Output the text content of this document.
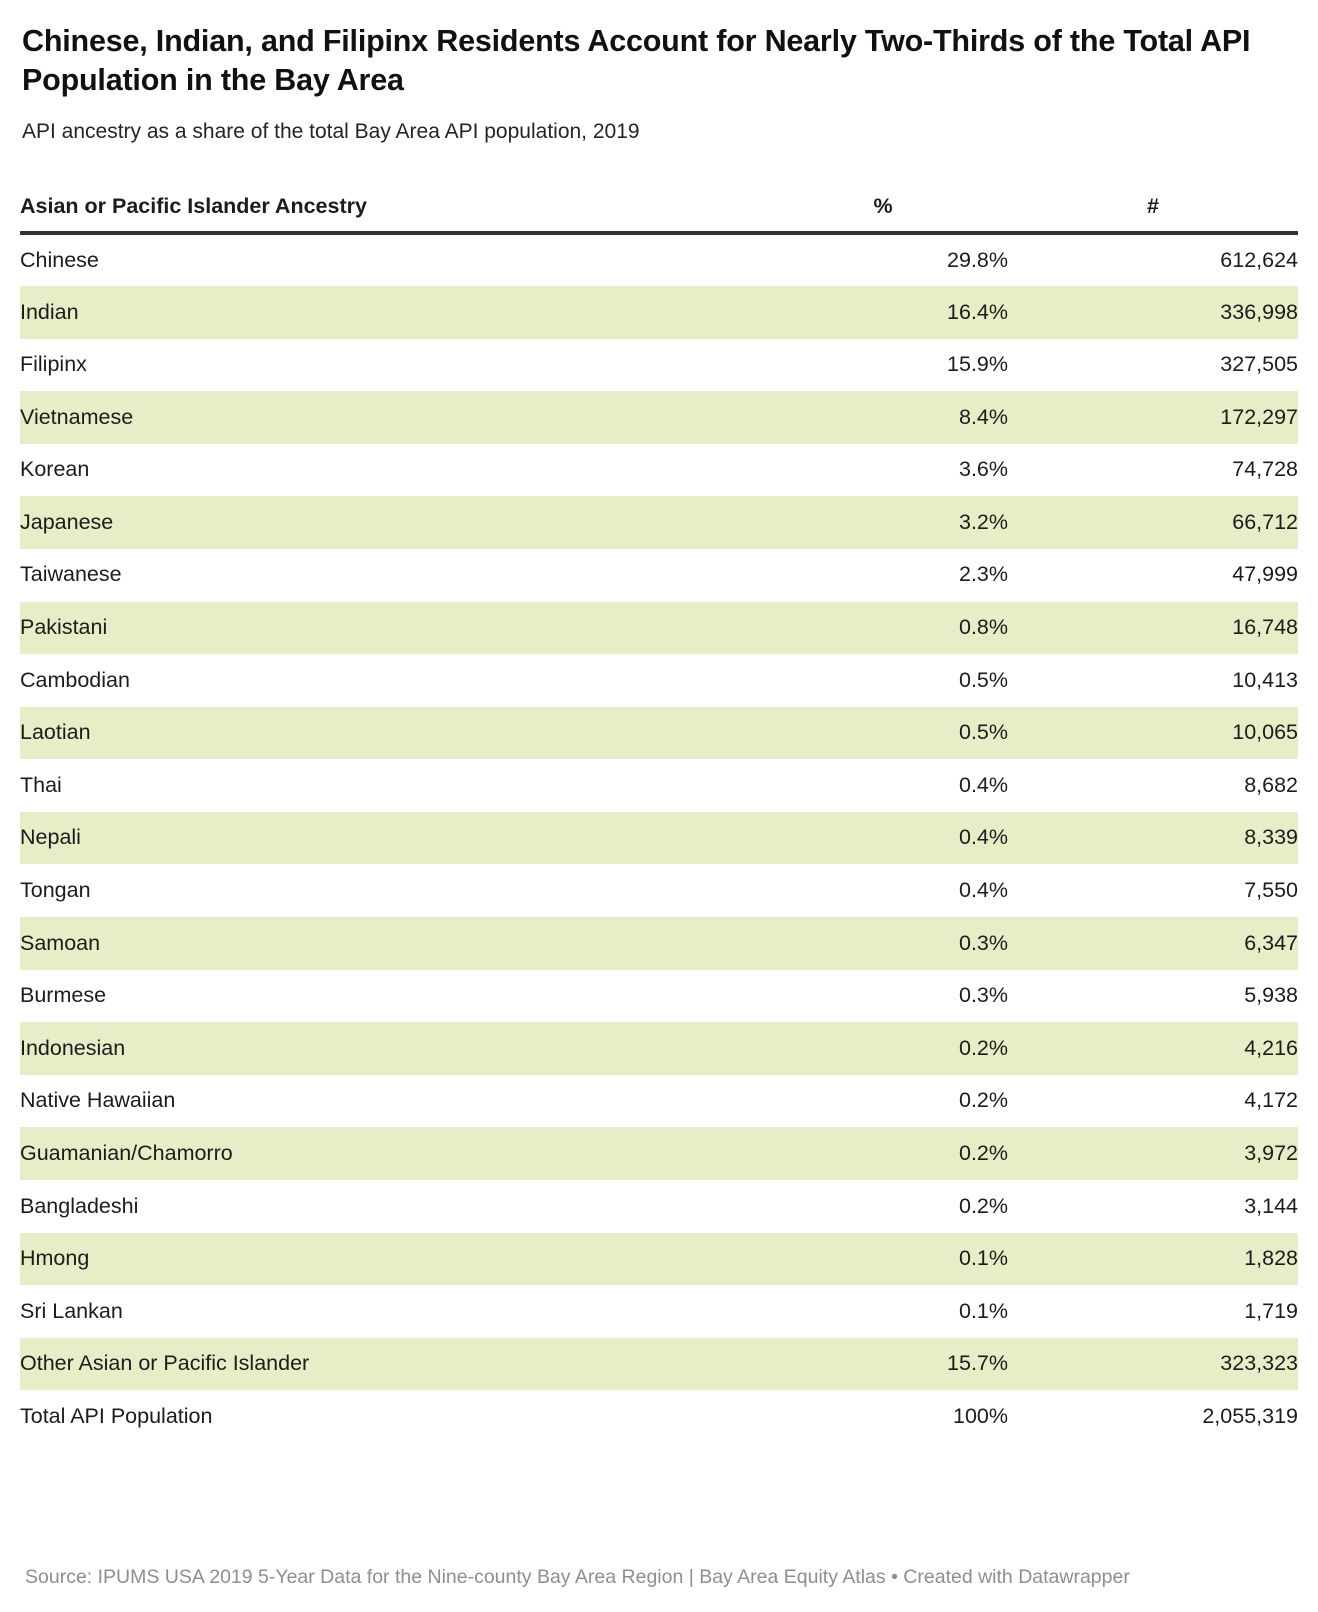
Chinese, Indian, and Filipinx Residents Account for Nearly Two-Thirds of the Total API Population in the Bay Area

API ancestry as a share of the total Bay Area API population, 2019

Asian or Pacific Islander Ancestry	%	#
Chinese	29.8%	612,624
Indian	16.4%	336,998
Filipinx	15.9%	327,505
Vietnamese	8.4%	172,297
Korean	3.6%	74,728
Japanese	3.2%	66,712
Taiwanese	2.3%	47,999
Pakistani	0.8%	16,748
Cambodian	0.5%	10,413
Laotian	0.5%	10,065
Thai	0.4%	8,682
Nepali	0.4%	8,339
Tongan	0.4%	7,550
Samoan	0.3%	6,347
Burmese	0.3%	5,938
Indonesian	0.2%	4,216
Native Hawaiian	0.2%	4,172
Guamanian/Chamorro	0.2%	3,972
Bangladeshi	0.2%	3,144
Hmong	0.1%	1,828
Sri Lankan	0.1%	1,719
Other Asian or Pacific Islander	15.7%	323,323
Total API Population	100%	2,055,319
Source: IPUMS USA 2019 5-Year Data for the Nine-county Bay Area Region | Bay Area Equity Atlas • Created with Datawrapper
